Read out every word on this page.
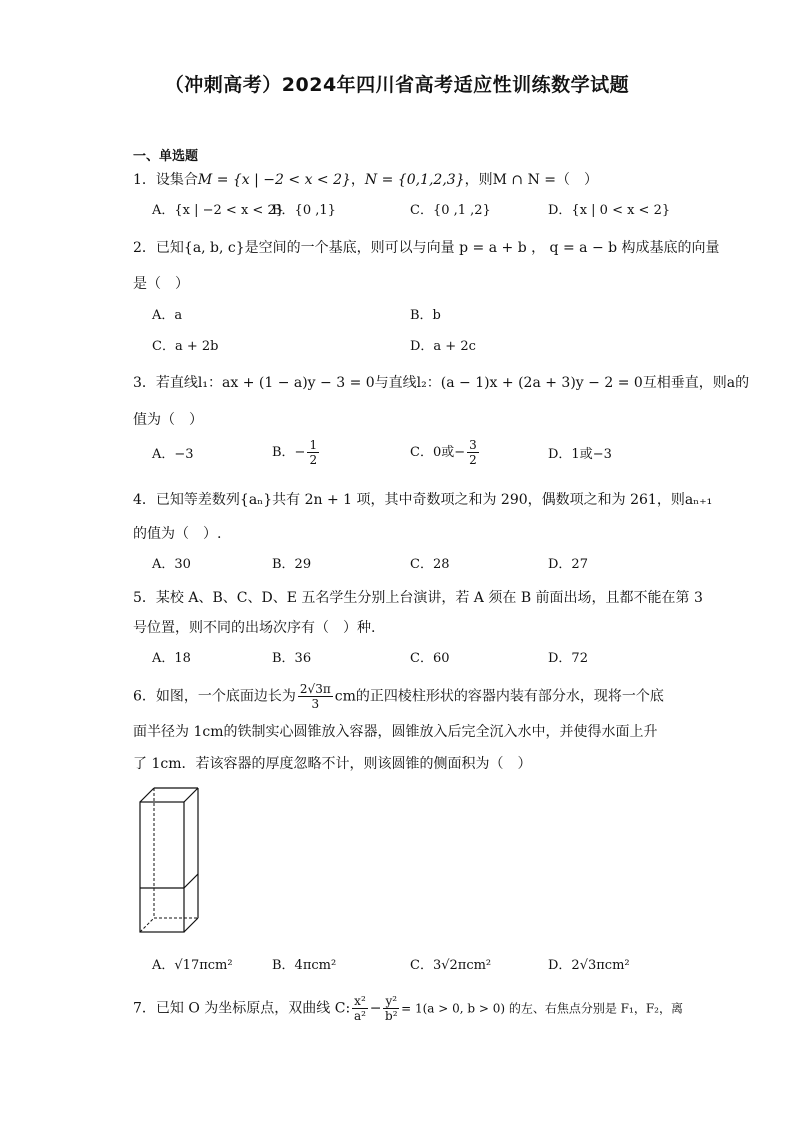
（冲刺高考）2024年四川省高考适应性训练数学试题
一、单选题
1．设集合M = {x | −2 < x < 2}，N = {0,1,2,3}，则M ∩ N =（　）
A．{x | −2 < x < 2}
B．{0 ,1}	C．{0 ,1 ,2}	D．{x | 0 < x < 2}
2．已知{a, b, c}是空间的一个基底，则可以与向量 p = a + b ， q = a − b 构成基底的向量
是（　）
A．a	B．b
C．a + 2b	D．a + 2c
3．若直线l₁：ax + (1 − a)y − 3 = 0与直线l₂：(a − 1)x + (2a + 3)y − 2 = 0互相垂直，则a的
值为（　）
A．−3	B．− $\frac{1}{2}$	C．0或− $\frac{3}{2}$	D．1或−3
4．已知等差数列{aₙ}共有 2n + 1 项，其中奇数项之和为 290，偶数项之和为 261，则aₙ₊₁
的值为（　）.
A．30	B．29	C．28	D．27
5．某校 A、B、C、D、E 五名学生分别上台演讲，若 A 须在 B 前面出场，且都不能在第 3
号位置，则不同的出场次序有（　）种.
A．18	B．36	C．60	D．72
6．如图，一个底面边长为 $\frac{2√3\pi}{3}$ cm的正四棱柱形状的容器内装有部分水，现将一个底
面半径为 1cm的铁制实心圆锥放入容器，圆锥放入后完全沉入水中，并使得水面上升
了 1cm．若该容器的厚度忽略不计，则该圆锥的侧面积为（　）
A．√17πcm²	B．4πcm²	C．3√2πcm²	D．2√3πcm²
7．已知 O 为坐标原点，双曲线 C: $\frac{\text{x²}}{\text{a²}} - \frac{\text{y²}}{\text{b²}} = 1(a > 0$, b > 0) 的左、右焦点分别是 F₁，F₂，离
